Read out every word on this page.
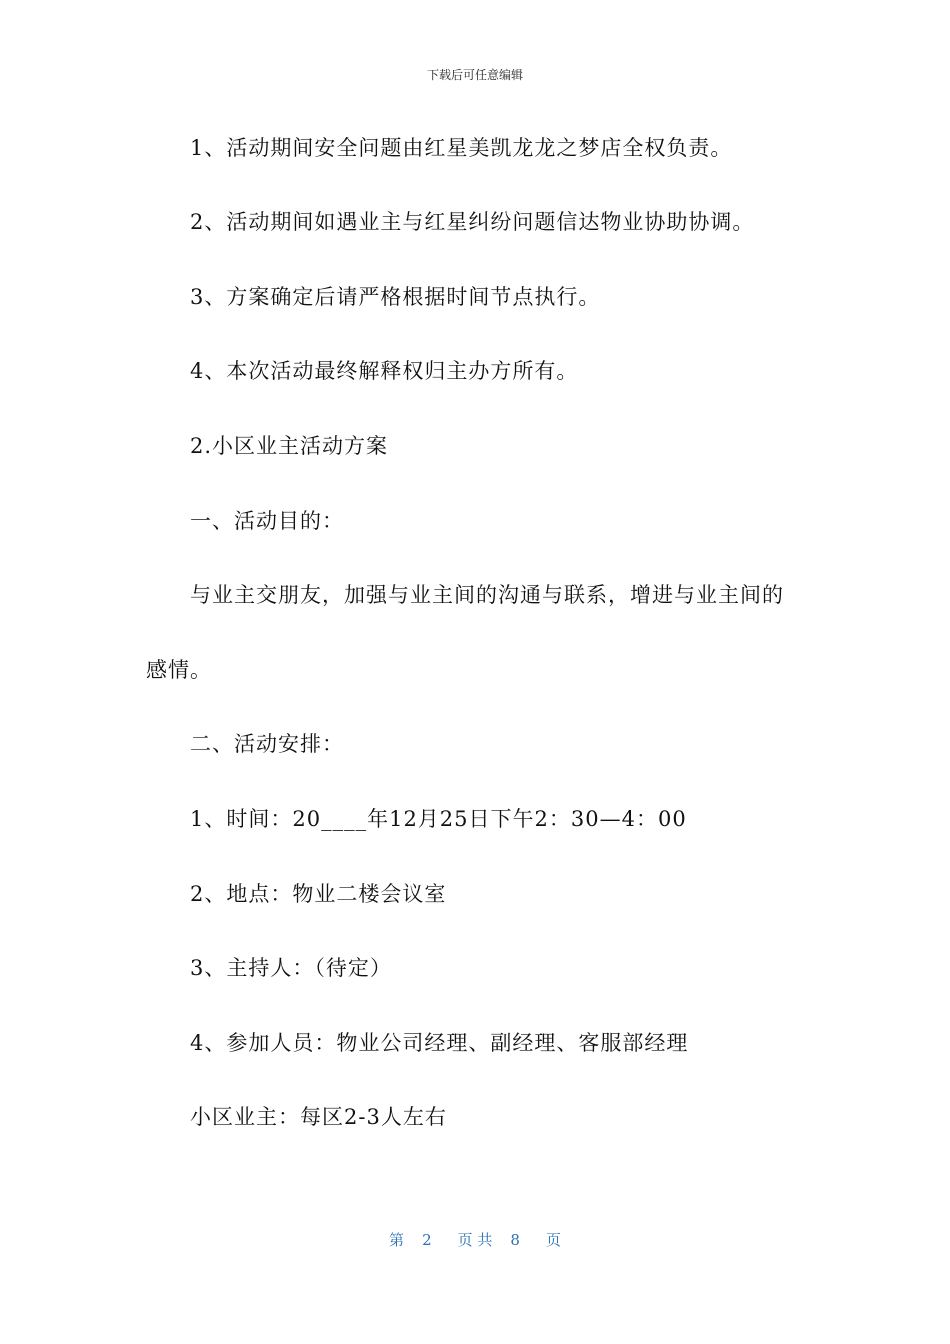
下载后可任意编辑
1、活动期间安全问题由红星美凯龙龙之梦店全权负责。
2、活动期间如遇业主与红星纠纷问题信达物业协助协调。
3、方案确定后请严格根据时间节点执行。
4、本次活动最终解释权归主办方所有。
2.小区业主活动方案
一、活动目的：
与业主交朋友，加强与业主间的沟通与联系，增进与业主间的
感情。
二、活动安排：
1、时间：20____年12月25日下午2：30—4：00
2、地点：物业二楼会议室
3、主持人：（待定）
4、参加人员：物业公司经理、副经理、客服部经理
小区业主：每区2-3人左右
第 2 页 共 8 页
